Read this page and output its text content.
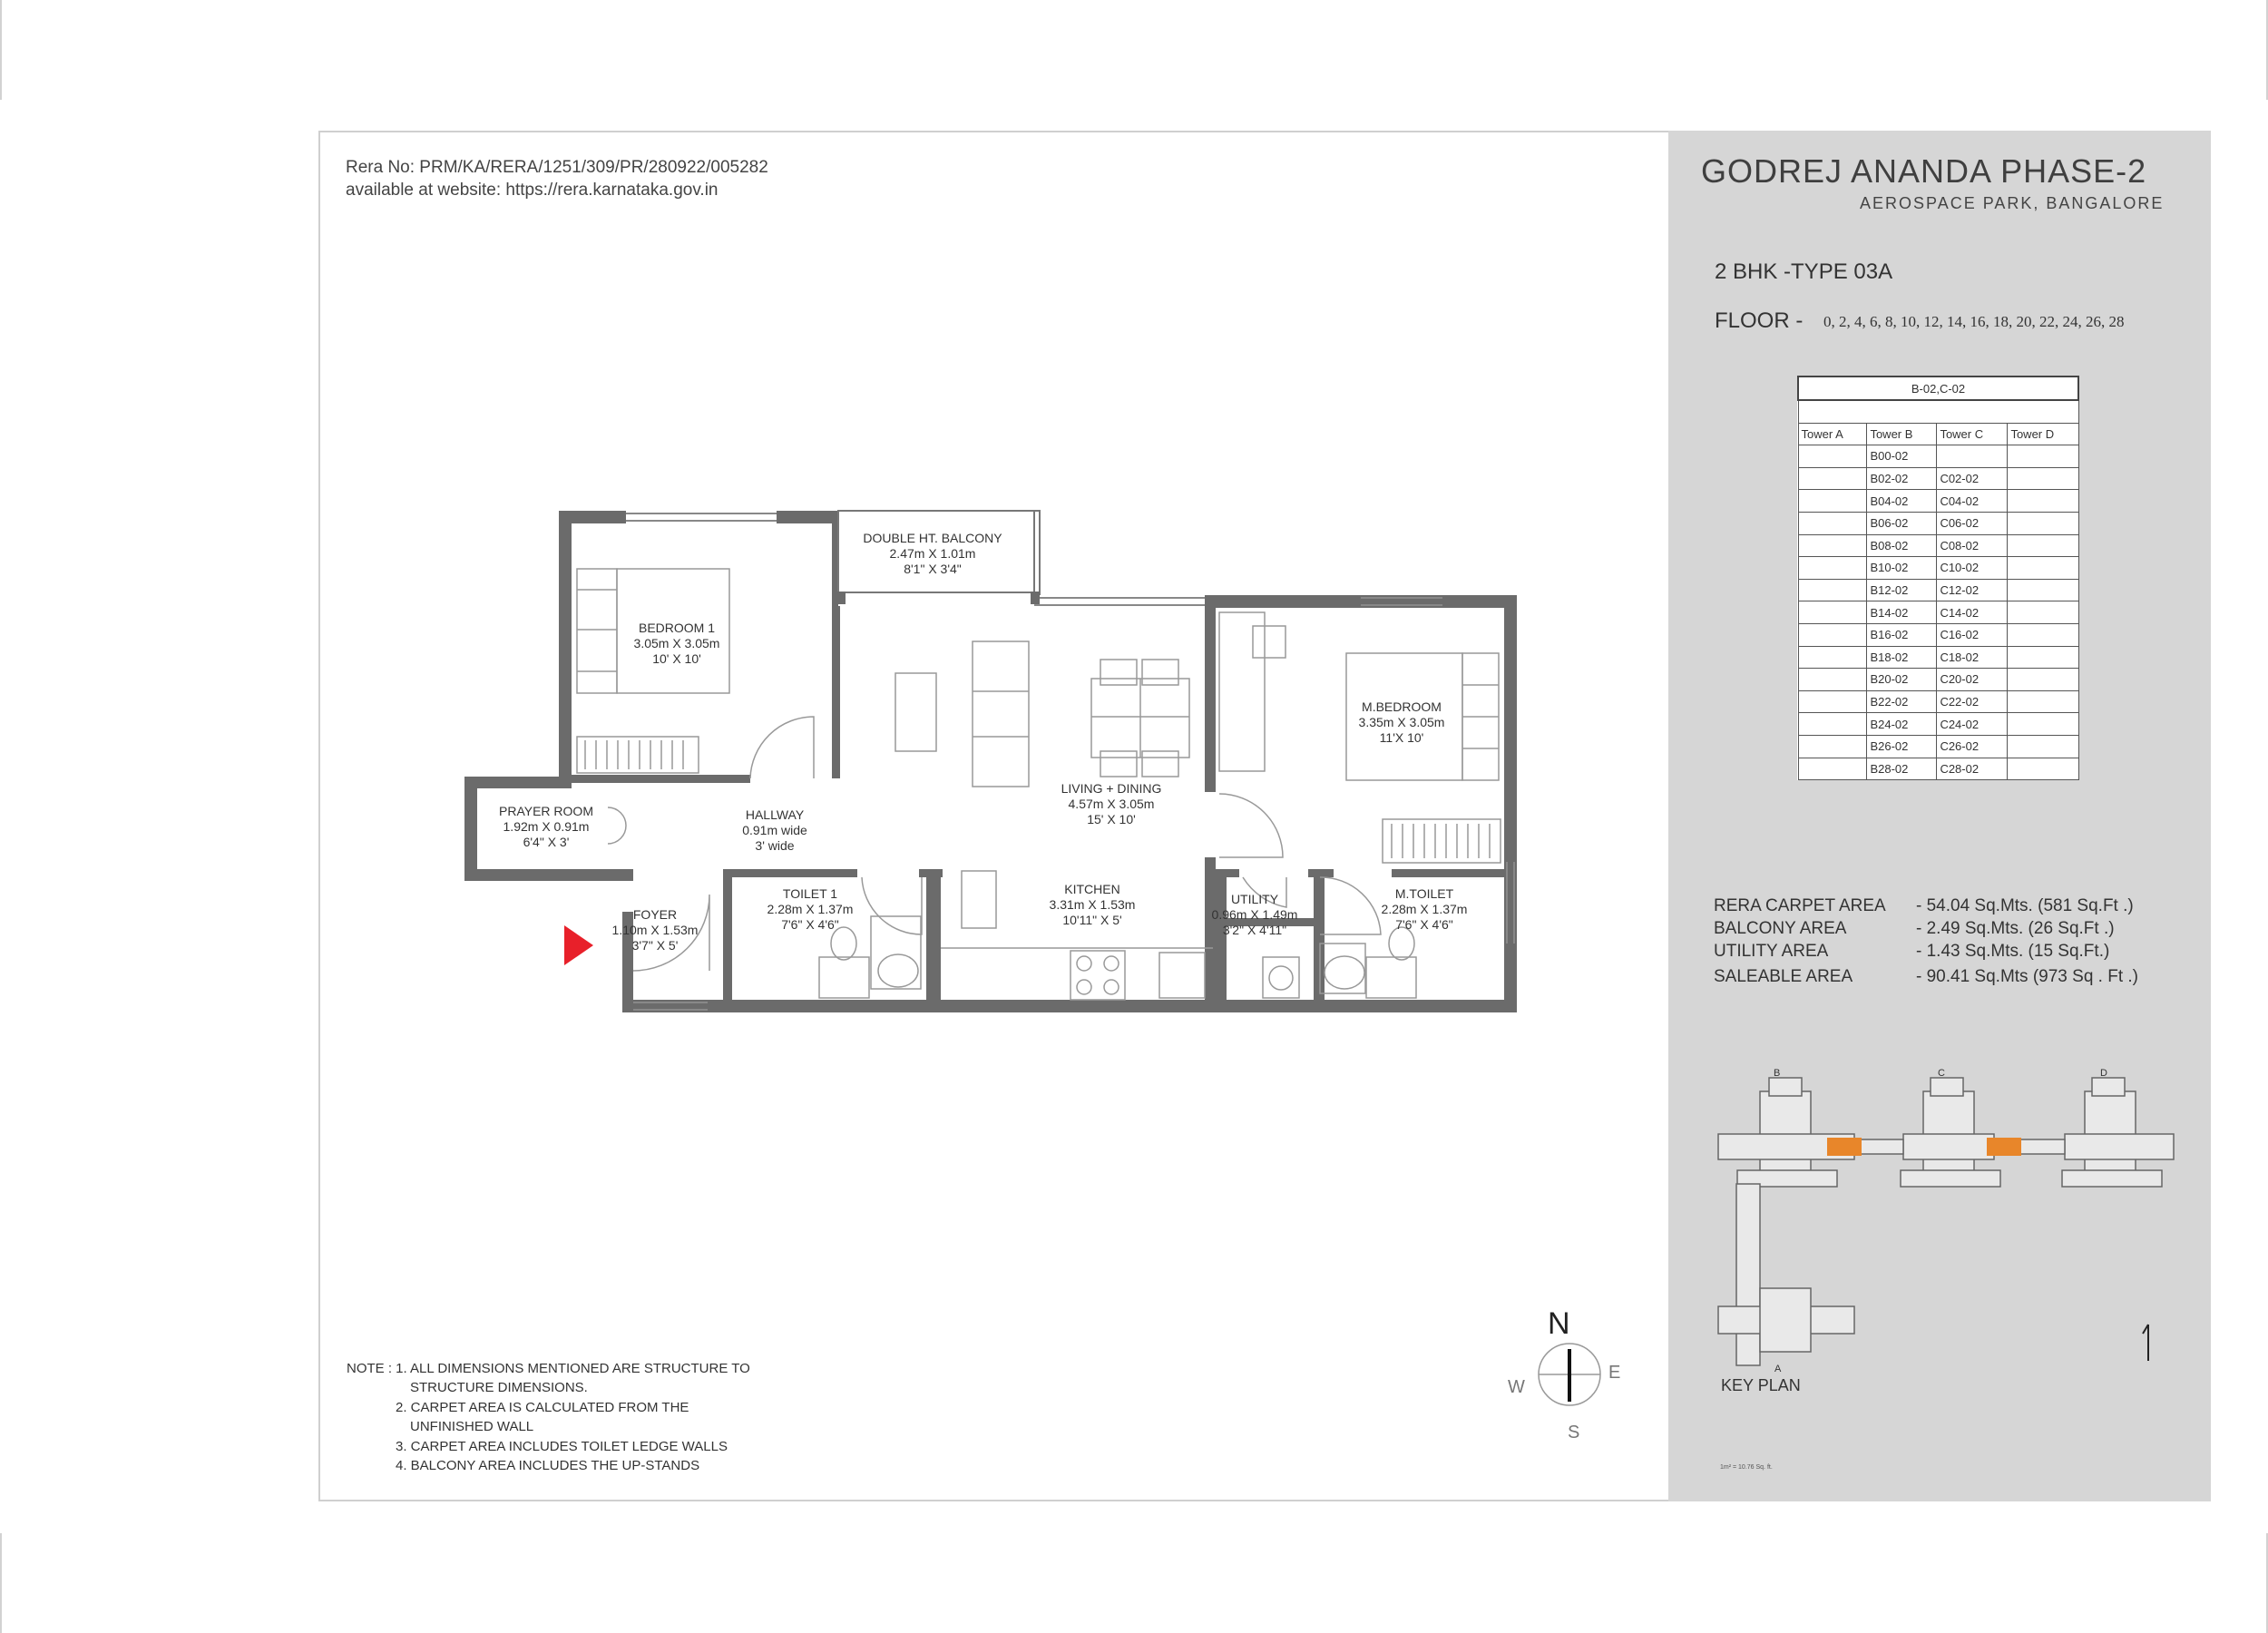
Rera No: PRM/KA/RERA/1251/309/PR/280922/005282
available at website: https://rera.karnataka.gov.in
GODREJ ANANDA PHASE-2
AEROSPACE PARK, BANGALORE
2 BHK -TYPE 03A
FLOOR - 0, 2, 4, 6, 8, 10, 12, 14, 16, 18, 20, 22, 24, 26, 28
B-02,C-02			

Tower A	Tower B	Tower C	Tower D
	B00-02		
	B02-02	C02-02	
	B04-02	C04-02	
	B06-02	C06-02	
	B08-02	C08-02	
	B10-02	C10-02	
	B12-02	C12-02	
	B14-02	C14-02	
	B16-02	C16-02	
	B18-02	C18-02	
	B20-02	C20-02	
	B22-02	C22-02	
	B24-02	C24-02	
	B26-02	C26-02	
	B28-02	C28-02	
RERA CARPET AREA - 54.04 Sq.Mts. (581 Sq.Ft .)
BALCONY AREA	- 2.49 Sq.Mts. (26 Sq.Ft .)
UTILITY AREA	- 1.43 Sq.Mts. (15 Sq.Ft.)
SALEABLE AREA	- 90.41 Sq.Mts (973 Sq . Ft .)
DOUBLE HT. BALCONY
2.47m X 1.01m
8'1" X 3'4"
BEDROOM 1
3.05m X 3.05m
10' X 10'
M.BEDROOM
3.35m X 3.05m
11'X 10'
LIVING + DINING
4.57m X 3.05m
15' X 10'
PRAYER ROOM
1.92m X 0.91m
6'4" X 3'
HALLWAY
0.91m wide
3' wide
FOYER
1.10m X 1.53m
3'7" X 5'
TOILET 1
2.28m X 1.37m
7'6" X 4'6"
KITCHEN
3.31m X 1.53m
10'11" X 5'
UTILITY
0.96m X 1.49m
3'2" X 4'11"
M.TOILET
2.28m X 1.37m
7'6" X 4'6"
NOTE : 1. ALL DIMENSIONS MENTIONED ARE STRUCTURE TO
STRUCTURE DIMENSIONS.
2. CARPET AREA IS CALCULATED FROM THE
UNFINISHED WALL
3. CARPET AREA INCLUDES TOILET LEDGE WALLS
4. BALCONY AREA INCLUDES THE UP-STANDS
N
W
E
S
B	C	D
A
KEY PLAN
1m² = 10.76 Sq. ft.
